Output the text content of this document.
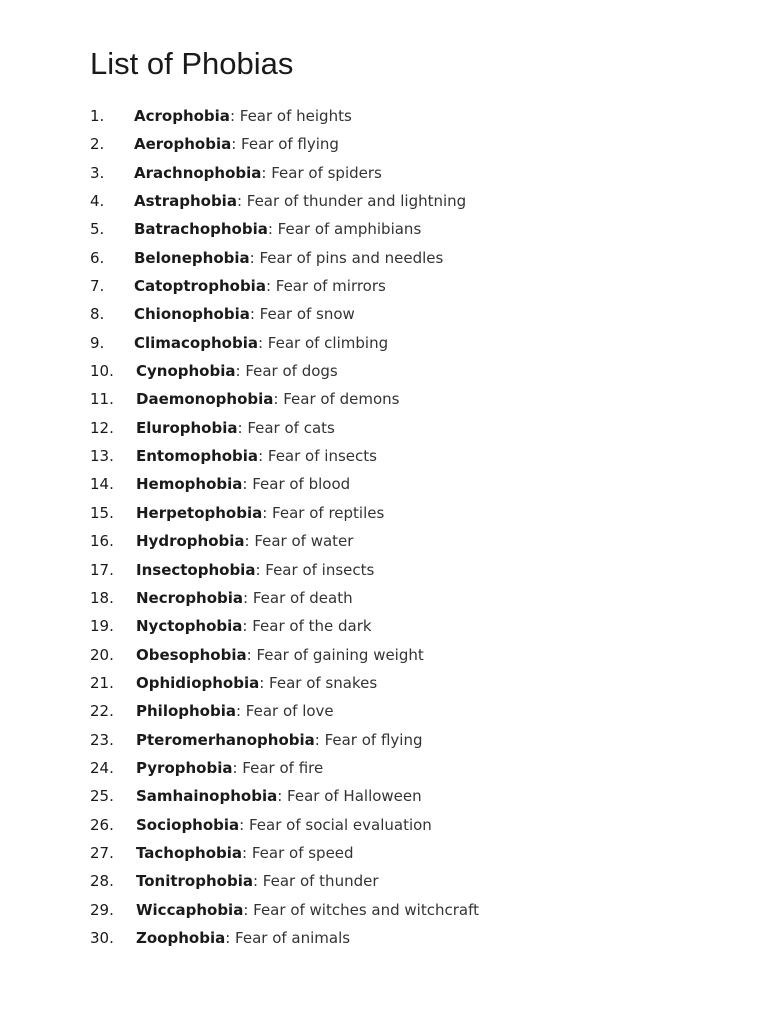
List of Phobias
1. Acrophobia: Fear of heights
2. Aerophobia: Fear of flying
3. Arachnophobia: Fear of spiders
4. Astraphobia: Fear of thunder and lightning
5. Batrachophobia: Fear of amphibians
6. Belonephobia: Fear of pins and needles
7. Catoptrophobia: Fear of mirrors
8. Chionophobia: Fear of snow
9. Climacophobia: Fear of climbing
10. Cynophobia: Fear of dogs
11. Daemonophobia: Fear of demons
12. Elurophobia: Fear of cats
13. Entomophobia: Fear of insects
14. Hemophobia: Fear of blood
15. Herpetophobia: Fear of reptiles
16. Hydrophobia: Fear of water
17. Insectophobia: Fear of insects
18. Necrophobia: Fear of death
19. Nyctophobia: Fear of the dark
20. Obesophobia: Fear of gaining weight
21. Ophidiophobia: Fear of snakes
22. Philophobia: Fear of love
23. Pteromerhanophobia: Fear of flying
24. Pyrophobia: Fear of fire
25. Samhainophobia: Fear of Halloween
26. Sociophobia: Fear of social evaluation
27. Tachophobia: Fear of speed
28. Tonitrophobia: Fear of thunder
29. Wiccaphobia: Fear of witches and witchcraft
30. Zoophobia: Fear of animals
